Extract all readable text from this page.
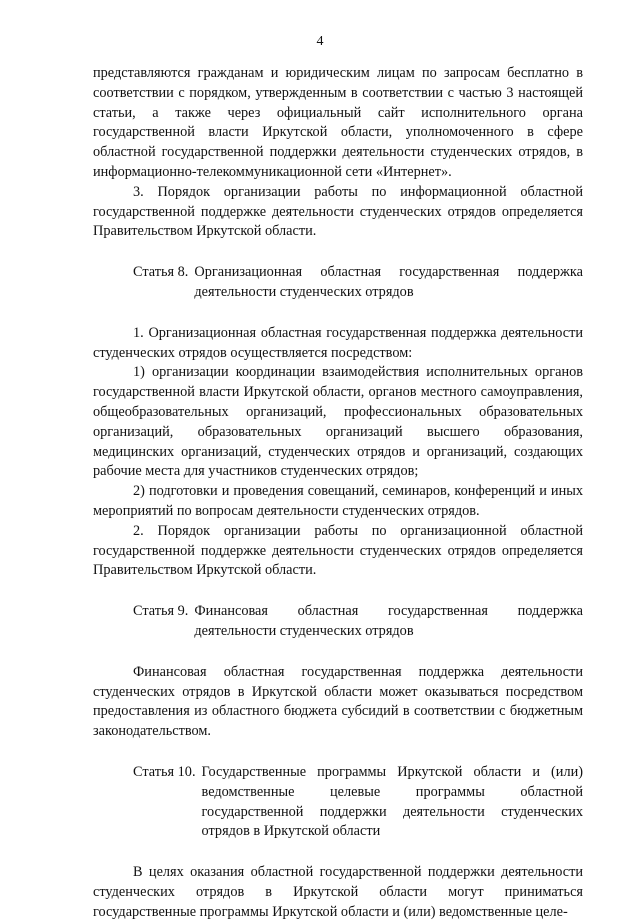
4

представляются гражданам и юридическим лицам по запросам бесплатно в соответствии с порядком, утвержденным в соответствии с частью 3 настоящей статьи, а также через официальный сайт исполнительного органа государственной власти Иркутской области, уполномоченного в сфере областной государственной поддержки деятельности студенческих отрядов, в информационно-телекоммуникационной сети «Интернет».

3. Порядок организации работы по информационной областной государственной поддержке деятельности студенческих отрядов определяется Правительством Иркутской области.

Статья 8. Организационная областная государственная поддержка деятельности студенческих отрядов

1. Организационная областная государственная поддержка деятельности студенческих отрядов осуществляется посредством:

1) организации координации взаимодействия исполнительных органов государственной власти Иркутской области, органов местного самоуправления, общеобразовательных организаций, профессиональных образовательных организаций, образовательных организаций высшего образования, медицинских организаций, студенческих отрядов и организаций, создающих рабочие места для участников студенческих отрядов;

2) подготовки и проведения совещаний, семинаров, конференций и иных мероприятий по вопросам деятельности студенческих отрядов.

2. Порядок организации работы по организационной областной государственной поддержке деятельности студенческих отрядов определяется Правительством Иркутской области.

Статья 9. Финансовая областная государственная поддержка деятельности студенческих отрядов

Финансовая областная государственная поддержка деятельности студенческих отрядов в Иркутской области может оказываться посредством предоставления из областного бюджета субсидий в соответствии с бюджетным законодательством.

Статья 10. Государственные программы Иркутской области и (или) ведомственные целевые программы областной государственной поддержки деятельности студенческих отрядов в Иркутской области

В целях оказания областной государственной поддержки деятельности студенческих отрядов в Иркутской области могут приниматься государственные программы Иркутской области и (или) ведомственные целе-
